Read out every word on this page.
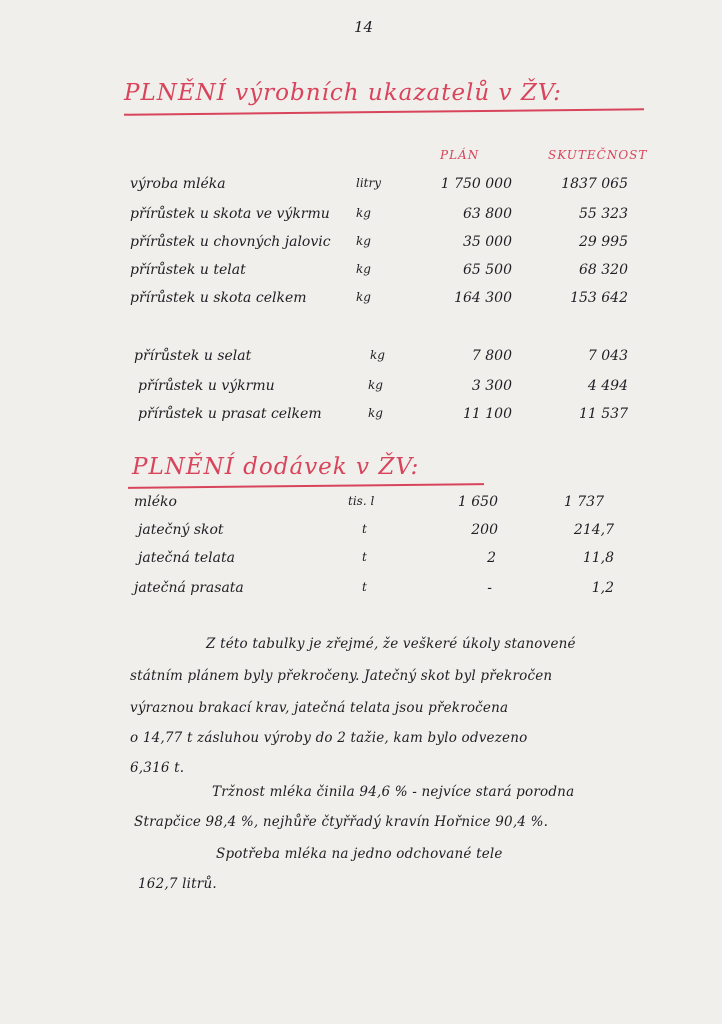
14
PLNĚNÍ výrobních ukazatelů v ŽV:
PLÁN	SKUTEČNOST
výroba mléka	litry	1 750 000	1837 065
přírůstek u skota ve výkrmu kg	63 800	55 323
přírůstek u chovných jalovic kg	35 000	29 995
přírůstek u telat	kg	65 500	68 320
přírůstek u skota celkem	kg	164 300	153 642
přírůstek u selat	kg	7 800	7 043
přírůstek u výkrmu	kg	3 300	4 494
přírůstek u prasat celkem	kg	11 100	11 537
PLNĚNÍ dodávek v ŽV:
mléko	tis. l	1 650	1 737
jatečný skot	t	200	214,7
jatečná telata	t	2	11,8
jatečná prasata	t	-	1,2
Z této tabulky je zřejmé, že veškeré úkoly stanovené
státním plánem byly překročeny. Jatečný skot byl překročen
výraznou brakací krav, jatečná telata jsou překročena
o 14,77 t zásluhou výroby do 2 tažie, kam bylo odvezeno
6,316 t.
Tržnost mléka činila 94,6 % - nejvíce stará porodna
Strapčice 98,4 %, nejhůře čtyřřadý kravín Hořnice 90,4 %.
Spotřeba mléka na jedno odchované tele
162,7 litrů.
